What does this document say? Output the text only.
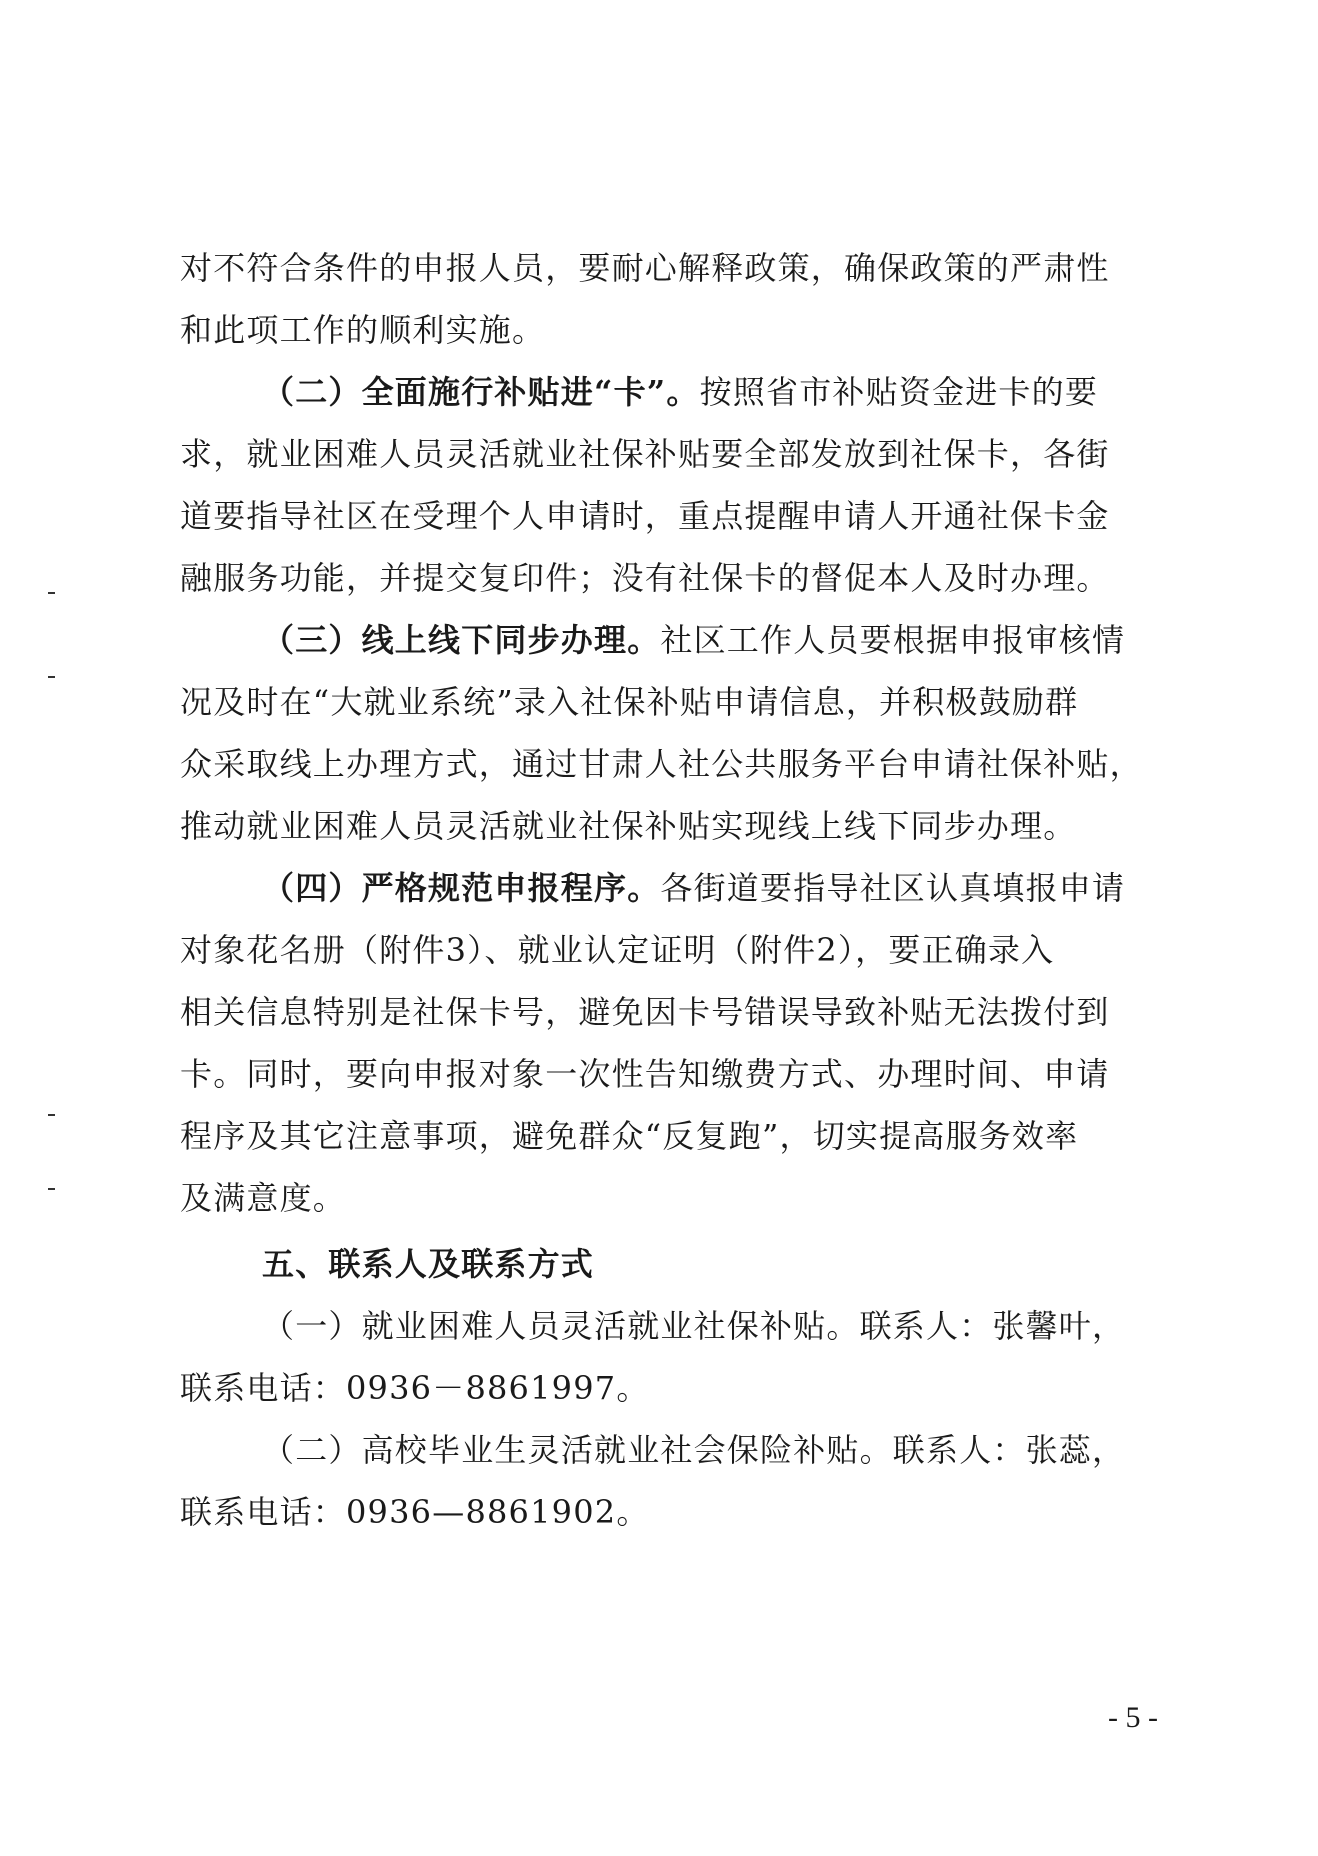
- 5 -
对不符合条件的申报人员，要耐心解释政策，确保政策的严肃性
和此项工作的顺利实施。
（二）全面施行补贴进“卡”。按照省市补贴资金进卡的要
求，就业困难人员灵活就业社保补贴要全部发放到社保卡，各街
道要指导社区在受理个人申请时，重点提醒申请人开通社保卡金
融服务功能，并提交复印件；没有社保卡的督促本人及时办理。
（三）线上线下同步办理。社区工作人员要根据申报审核情
况及时在“大就业系统”录入社保补贴申请信息，并积极鼓励群
众采取线上办理方式，通过甘肃人社公共服务平台申请社保补贴，
推动就业困难人员灵活就业社保补贴实现线上线下同步办理。
（四）严格规范申报程序。各街道要指导社区认真填报申请
对象花名册（附件3）、就业认定证明（附件2），要正确录入
相关信息特别是社保卡号，避免因卡号错误导致补贴无法拨付到
卡。同时，要向申报对象一次性告知缴费方式、办理时间、申请
程序及其它注意事项，避免群众“反复跑”，切实提高服务效率
及满意度。
五、联系人及联系方式
（一）就业困难人员灵活就业社保补贴。联系人：张馨叶，
联系电话：0936－8861997。
（二）高校毕业生灵活就业社会保险补贴。联系人：张蕊，
联系电话：0936—8861902。
